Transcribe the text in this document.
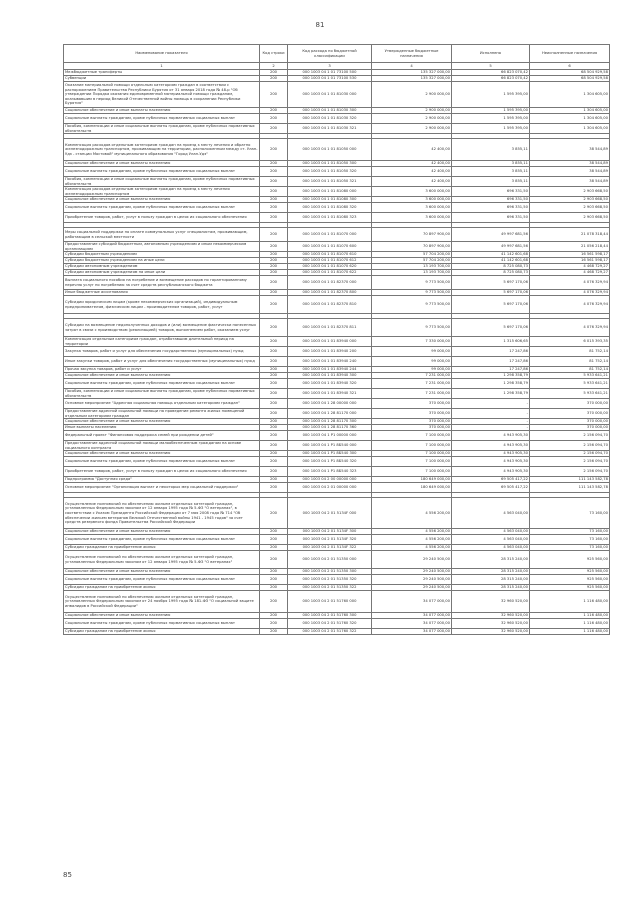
81
Наименование показателя	Код строки	Код расхода по бюджетной классификации	Утвержденные бюджетные назначения	Исполнено	Неисполненные назначения
1	2	3	4	5	6
Межбюджетные трансферты	200	000 1003 04 1 01 73100 500	135 327 000,00	66 823 070,42	68 504 929,58
Субвенции	200	000 1003 04 1 01 73100 530	135 327 000,00	66 823 070,42	68 504 929,58
Оказание материальной помощи отдельным категориям граждан в соответствии с распоряжением Правительства Республики Бурятия от 31 января 2018 года № 48-р "Об утверждении Порядка оказания единовременной материальной помощи гражданам, оказывавшим в период Великой Отечественной войны помощь в сохранении Республики Бурятия"	200	000 1003 04 1 01 81030 000	2 900 000,00	1 595 395,00	1 304 605,00
Социальное обеспечение и иные выплаты населению	200	000 1003 04 1 01 81030 300	2 900 000,00	1 595 395,00	1 304 605,00
Социальные выплаты гражданам, кроме публичных нормативных социальных выплат	200	000 1003 04 1 01 81030 320	2 900 000,00	1 595 395,00	1 304 605,00
Пособия, компенсации и иные социальные выплаты гражданам, кроме публичных нормативных обязательств	200	000 1003 04 1 01 81030 321	2 900 000,00	1 595 395,00	1 304 605,00

Компенсация расходов отдельным категориям граждан на проезд к месту лечения и обратно железнодорожным транспортом, проживающим на территории, расположенным между ст. Улан-Удэ - станции Мостовой" муниципального образования "Город Улан-Удэ"	200	000 1003 04 1 01 81050 000	42 400,00	3 855,11	38 544,89
Социальное обеспечение и иные выплаты населению	200	000 1003 04 1 01 81050 300	42 400,00	3 855,11	38 544,89
Социальные выплаты гражданам, кроме публичных нормативных социальных выплат	200	000 1003 04 1 01 81050 320	42 400,00	3 855,11	38 544,89
Пособия, компенсации и иные социальные выплаты гражданам, кроме публичных нормативных обязательств	200	000 1003 04 1 01 81050 321	42 400,00	3 855,11	38 544,89
Компенсация расходов отдельным категориям граждан на проезд к месту лечения железнодорожным транспортом	200	000 1003 04 1 01 81080 000	3 600 000,00	696 331,50	2 903 668,50
Социальное обеспечение и иные выплаты населению	200	000 1003 04 1 01 81080 300	3 600 000,00	696 331,50	2 903 668,50
Социальные выплаты гражданам, кроме публичных нормативных социальных выплат	200	000 1003 04 1 01 81080 320	3 600 000,00	696 331,50	2 903 668,50
Приобретение товаров, работ, услуг в пользу граждан в целях их социального обеспечения	200	000 1003 04 1 01 81080 323	3 600 000,00	696 331,50	2 903 668,50

Меры социальной поддержки по оплате коммунальных услуг специалистам, проживающим, работающим в сельской местности	200	000 1003 04 1 01 81070 000	70 897 900,00	49 997 681,56	21 078 318,44
Предоставление субсидий бюджетным, автономным учреждениям и иным некоммерческим организациям	200	000 1003 04 1 01 81070 600	70 897 900,00	49 997 681,56	21 056 218,44
Субсидии бюджетным учреждениям	200	000 1003 04 1 01 81070 610	57 704 200,00	41 142 601,68	16 561 598,17
Субсидии бюджетным учреждениям на иные цели	200	000 1003 04 1 01 81070 612	57 704 200,00	41 142 601,68	16 561 598,17
Субсидии автономным учреждениям	200	000 1003 04 1 01 81070 620	13 193 700,00	8 725 080,73	4 468 729,27
Субсидии автономным учреждениям на иные цели	200	000 1003 04 1 01 81070 622	13 193 700,00	8 725 080,73	4 468 729,27
Выплата социального пособия на погребение и возмещение расходов по гарантированному перечню услуг по погребению за счет средств республиканского бюджета	200	000 1003 04 1 01 82370 000	9 773 500,00	5 697 170,06	4 076 329,94
Иные бюджетные ассигнования	200	000 1003 04 1 01 82370 800	9 773 500,00	5 697 170,06	4 076 329,94
Субсидии юридическим лицам (кроме некоммерческих организаций), индивидуальным предпринимателям, физическим лицам - производителям товаров, работ, услуг	200	000 1003 04 1 01 82370 810	9 773 500,00	5 697 170,06	4 076 329,94

Субсидии на возмещение недополученных доходов и (или) возмещение фактически понесенных затрат в связи с производством (реализацией) товаров, выполнением работ, оказанием услуг	200	000 1003 04 1 01 82370 811	9 773 500,00	5 697 170,06	4 076 329,94
Компенсация отдельным категориям граждан, отработавшим длительный период на территории	200	000 1003 04 1 01 83940 000	7 330 000,00	1 315 606,65	6 015 393,35
Закупка товаров, работ и услуг для обеспечения государственных (муниципальных) нужд	200	000 1003 04 1 01 83940 200	99 000,00	17 247,86	81 752,14
Иные закупки товаров, работ и услуг для обеспечения государственных (муниципальных) нужд	200	000 1003 04 1 01 83940 240	99 000,00	17 247,86	81 752,14
Прочая закупка товаров, работ и услуг	200	000 1003 04 1 01 83940 244	99 000,00	17 247,86	81 752,14
Социальное обеспечение и иные выплаты населению	200	000 1003 04 1 01 83940 300	7 231 000,00	1 298 358,79	5 933 641,21
Социальные выплаты гражданам, кроме публичных нормативных социальных выплат	200	000 1003 04 1 01 83940 320	7 231 000,00	1 298 358,79	5 933 641,21
Пособия, компенсации и иные социальные выплаты гражданам, кроме публичных нормативных обязательств	200	000 1003 04 1 01 83940 321	7 231 000,00	1 298 358,79	5 933 641,21
Основное мероприятие "Адресная социальная помощь отдельным категориям граждан"	200	000 1003 04 1 28 00000 000	370 000,00	-	370 000,00
Предоставление адресной социальной помощи на проведение ремонта жилых помещений отдельным категориям граждан	200	000 1003 04 1 28 81170 000	370 000,00	-	370 000,00
Социальное обеспечение и иные выплаты населению	200	000 1003 04 1 28 81170 300	370 000,00	-	370 000,00
Иные выплаты населению	200	000 1003 04 1 28 81170 360	370 000,00	-	370 000,00
Федеральный проект "Финансовая поддержка семей при рождении детей"	200	000 1003 04 1 P1 00000 000	7 100 000,00	4 943 905,30	2 156 094,70
Предоставление адресной социальной помощи малообеспеченным гражданам на основе социального контракта	200	000 1003 04 1 P1 8Б540 000	7 100 000,00	4 943 905,30	2 156 094,70
Социальное обеспечение и иные выплаты населению	200	000 1003 04 1 P1 8Б540 300	7 100 000,00	4 943 905,30	2 156 094,70
Социальные выплаты гражданам, кроме публичных нормативных социальных выплат	200	000 1003 04 1 P1 8Б540 320	7 100 000,00	4 943 905,30	2 156 094,70
Приобретение товаров, работ, услуг в пользу граждан в целях их социального обеспечения	200	000 1003 04 1 P1 8Б540 323	7 100 000,00	4 943 905,30	2 156 094,70
Подпрограмма "Доступная среда"	200	000 1003 04 2 00 00000 000	180 649 000,00	69 505 417,22	111 143 582,78
Основное мероприятие "Организация выплат и некоторых мер социальной поддержки"	200	000 1003 04 2 01 00000 000	180 649 000,00	69 505 417,22	111 143 582,78

Осуществление полномочий по обеспечению жильем отдельных категорий граждан, установленных Федеральным законом от 12 января 1995 года № 5-ФЗ "О ветеранах", в соответствии с Указом Президента Российской Федерации от 7 мая 2008 года № 714 "Об обеспечении жильем ветеранов Великой Отечественной войны 1941 - 1945 годов" за счет средств резервного фонда Правительства Российской Федерации	200	000 1003 04 2 01 5134F 000	4 556 200,00	4 563 040,00	73 160,00
Социальное обеспечение и иные выплаты населению	200	000 1003 04 2 01 5134F 300	4 556 200,00	4 563 040,00	73 160,00
Социальные выплаты гражданам, кроме публичных нормативных социальных выплат	200	000 1003 04 2 01 5134F 320	4 556 200,00	4 563 040,00	73 160,00
Субсидии гражданам на приобретение жилья	200	000 1003 04 2 01 5134F 322	4 556 200,00	4 563 040,00	73 160,00
Осуществление полномочий по обеспечению жильем отдельных категорий граждан, установленных Федеральным законом от 12 января 1995 года № 5-ФЗ "О ветеранах"	200	000 1003 04 2 01 51350 000	29 240 500,00	28 315 240,00	925 560,00
Социальное обеспечение и иные выплаты населению	200	000 1003 04 2 01 51350 300	29 240 500,00	28 315 240,00	925 560,00
Социальные выплаты гражданам, кроме публичных нормативных социальных выплат	200	000 1003 04 2 01 51350 320	29 240 500,00	28 315 240,00	925 560,00
Субсидии гражданам на приобретение жилья	200	000 1003 04 2 01 51350 322	29 240 500,00	28 315 240,00	925 560,00
Осуществление полномочий по обеспечению жильем отдельных категорий граждан, установленных Федеральным законом от 24 ноября 1995 года № 181-ФЗ "О социальной защите инвалидов в Российской Федерации"	200	000 1003 04 2 01 51760 000	34 077 000,00	32 960 520,00	1 116 480,00
Социальное обеспечение и иные выплаты населению	200	000 1003 04 2 01 51760 300	34 077 000,00	32 960 520,00	1 116 480,00
Социальные выплаты гражданам, кроме публичных нормативных социальных выплат	200	000 1003 04 2 01 51760 320	34 077 000,00	32 960 520,00	1 116 480,00
Субсидии гражданам на приобретение жилья	200	000 1003 04 2 01 51760 322	34 077 000,00	32 960 520,00	1 116 480,00
85
